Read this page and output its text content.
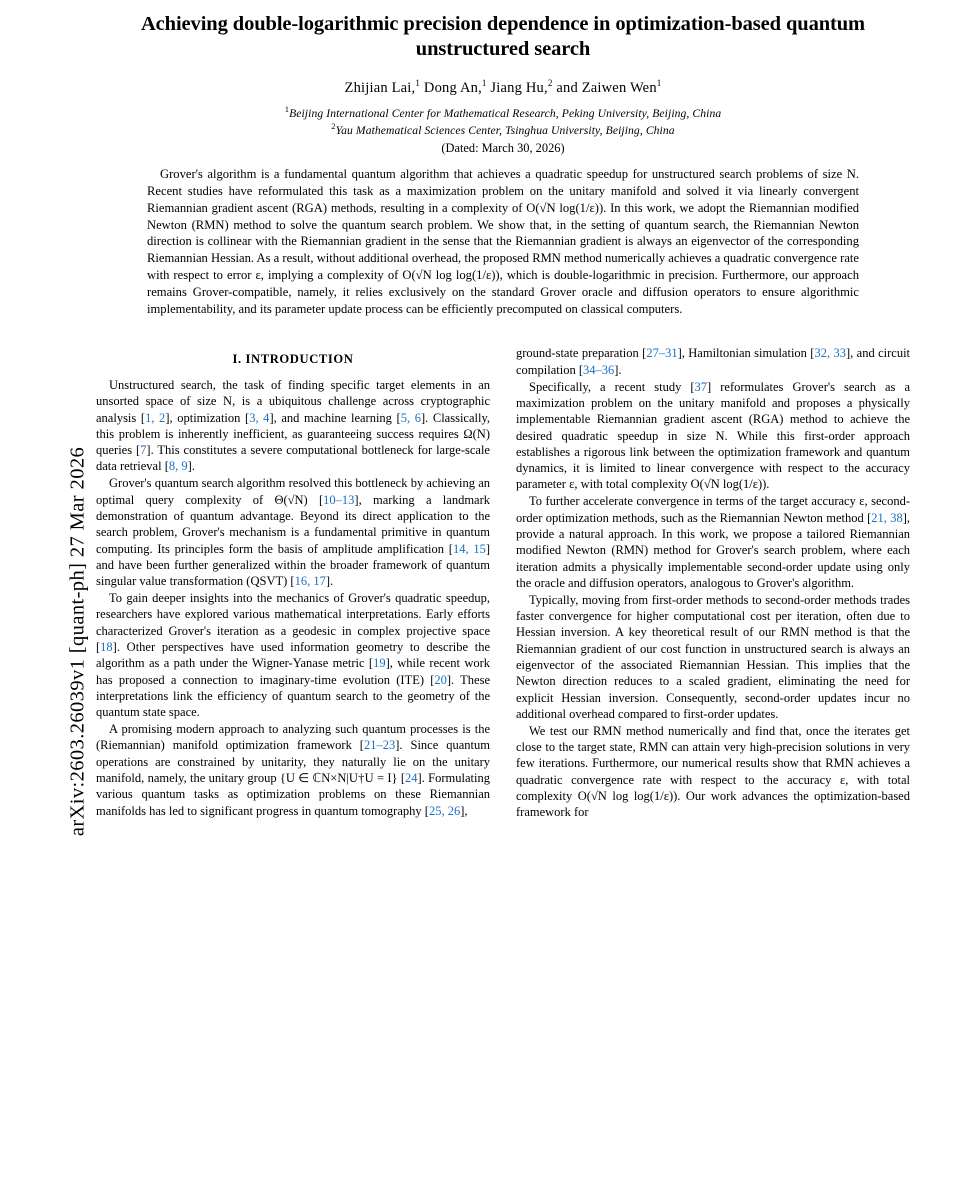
arXiv:2603.26039v1 [quant-ph] 27 Mar 2026
Achieving double-logarithmic precision dependence in optimization-based quantum unstructured search
Zhijian Lai,$^1$ Dong An,$^1$ Jiang Hu,$^2$ and Zaiwen Wen$^1$
$^1$Beijing International Center for Mathematical Research, Peking University, Beijing, China
$^2$Yau Mathematical Sciences Center, Tsinghua University, Beijing, China
(Dated: March 30, 2026)

Grover's algorithm is a fundamental quantum algorithm that achieves a quadratic speedup for unstructured search problems of size N. Recent studies have reformulated this task as a maximization problem on the unitary manifold and solved it via linearly convergent Riemannian gradient ascent (RGA) methods, resulting in a complexity of O(√N log(1/ε)). In this work, we adopt the Riemannian modified Newton (RMN) method to solve the quantum search problem. We show that, in the setting of quantum search, the Riemannian Newton direction is collinear with the Riemannian gradient in the sense that the Riemannian gradient is always an eigenvector of the corresponding Riemannian Hessian. As a result, without additional overhead, the proposed RMN method numerically achieves a quadratic convergence rate with respect to error ε, implying a complexity of O(√N log log(1/ε)), which is double-logarithmic in precision. Furthermore, our approach remains Grover-compatible, namely, it relies exclusively on the standard Grover oracle and diffusion operators to ensure algorithmic implementability, and its parameter update process can be efficiently precomputed on classical computers.

I. INTRODUCTION

Unstructured search, the task of finding specific target elements in an unsorted space of size N, is a ubiquitous challenge across cryptographic analysis [1, 2], optimization [3, 4], and machine learning [5, 6]. Classically, this problem is inherently inefficient, as guaranteeing success requires Ω(N) queries [7]. This constitutes a severe computational bottleneck for large-scale data retrieval [8, 9].

Grover's quantum search algorithm resolved this bottleneck by achieving an optimal query complexity of Θ(√N) [10–13], marking a landmark demonstration of quantum advantage. Beyond its direct application to the search problem, Grover's mechanism is a fundamental primitive in quantum computing. Its principles form the basis of amplitude amplification [14, 15] and have been further generalized within the broader framework of quantum singular value transformation (QSVT) [16, 17].

To gain deeper insights into the mechanics of Grover's quadratic speedup, researchers have explored various mathematical interpretations. Early efforts characterized Grover's iteration as a geodesic in complex projective space [18]. Other perspectives have used information geometry to describe the algorithm as a path under the Wigner-Yanase metric [19], while recent work has proposed a connection to imaginary-time evolution (ITE) [20]. These interpretations link the efficiency of quantum search to the geometry of the quantum state space.

A promising modern approach to analyzing such quantum processes is the (Riemannian) manifold optimization framework [21–23]. Since quantum operations are constrained by unitarity, they naturally lie on the unitary manifold, namely, the unitary group {U ∈ ℂN×N|U†U = I} [24]. Formulating various quantum tasks as optimization problems on these Riemannian manifolds has led to significant progress in quantum tomography [25, 26],

ground-state preparation [27–31], Hamiltonian simulation [32, 33], and circuit compilation [34–36].

Specifically, a recent study [37] reformulates Grover's search as a maximization problem on the unitary manifold and proposes a physically implementable Riemannian gradient ascent (RGA) method to achieve the desired quadratic speedup in size N. While this first-order approach establishes a rigorous link between the optimization framework and quantum dynamics, it is limited to linear convergence with respect to the accuracy parameter ε, with total complexity O(√N log(1/ε)).

To further accelerate convergence in terms of the target accuracy ε, second-order optimization methods, such as the Riemannian Newton method [21, 38], provide a natural approach. In this work, we propose a tailored Riemannian modified Newton (RMN) method for Grover's search problem, where each iteration admits a physically implementable second-order update using only the oracle and diffusion operators, analogous to Grover's algorithm.

Typically, moving from first-order methods to second-order methods trades faster convergence for higher computational cost per iteration, often due to Hessian inversion. A key theoretical result of our RMN method is that the Riemannian gradient of our cost function in unstructured search is always an eigenvector of the associated Riemannian Hessian. This implies that the Newton direction reduces to a scaled gradient, eliminating the need for explicit Hessian inversion. Consequently, second-order updates incur no additional overhead compared to first-order updates.

We test our RMN method numerically and find that, once the iterates get close to the target state, RMN can attain very high-precision solutions in very few iterations. Furthermore, our numerical results show that RMN achieves a quadratic convergence rate with respect to the accuracy ε, with total complexity O(√N log log(1/ε)). Our work advances the optimization-based framework for
